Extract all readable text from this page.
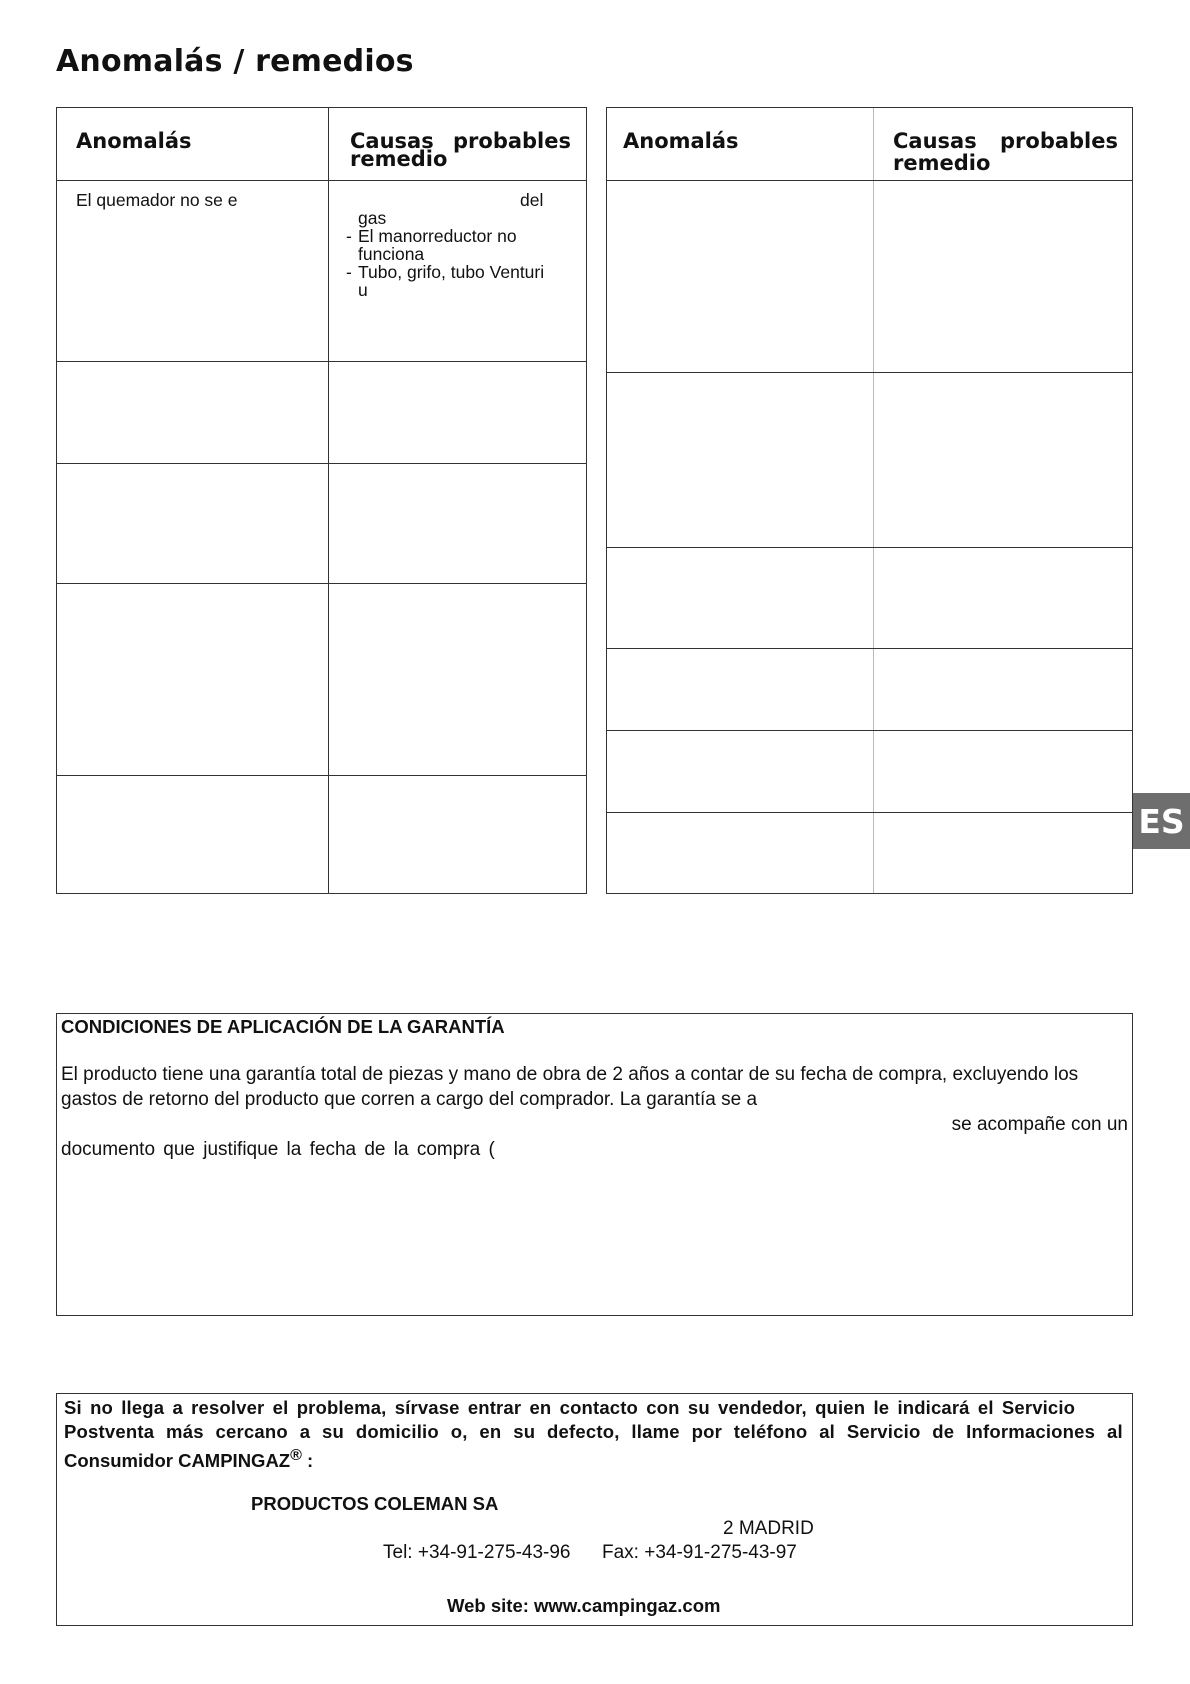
Anomalás / remedios
Anomalás	Causas probables
remedio
El quemador no se e	del
gas
- El manorreductor no
funciona
- Tubo, grifo, tubo Venturi
u
Anomalás	Causas probables
remedio
ES
CONDICIONES DE APLICACIÓN DE LA GARANTÍA
El producto tiene una garantía total de piezas y mano de obra de 2 años a contar de su fecha de compra, excluyendo los
gastos de retorno del producto que corren a cargo del comprador. La garantía se a
se acompañe con un
documento que justifique la fecha de la compra (
Si no llega a resolver el problema, sírvase entrar en contacto con su vendedor, quien le indicará el Servicio
Postventa más cercano a su domicilio o, en su defecto, llame por teléfono al Servicio de Informaciones al
Consumidor CAMPINGAZ® :
PRODUCTOS COLEMAN SA
2 MADRID
Tel: +34-91-275-43-96 Fax: +34-91-275-43-97
Web site: www.campingaz.com
